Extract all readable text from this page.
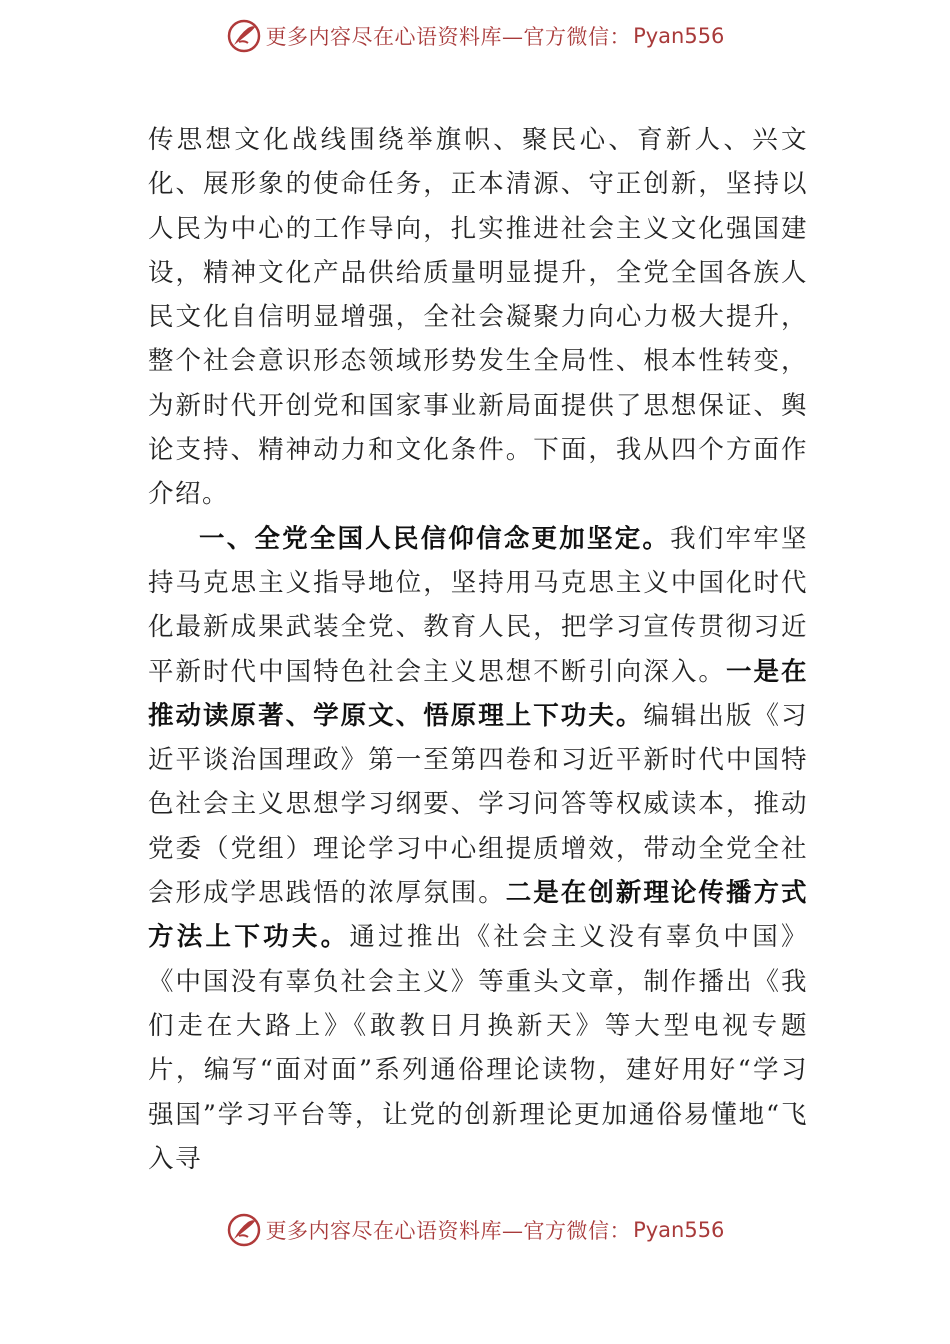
更多内容尽在心语资料库—官方微信： Pyan556

传思想文化战线围绕举旗帜、聚民心、育新人、兴文化、展形象的使命任务，正本清源、守正创新，坚持以人民为中心的工作导向，扎实推进社会主义文化强国建设，精神文化产品供给质量明显提升，全党全国各族人民文化自信明显增强，全社会凝聚力向心力极大提升，整个社会意识形态领域形势发生全局性、根本性转变，为新时代开创党和国家事业新局面提供了思想保证、舆论支持、精神动力和文化条件。下面，我从四个方面作介绍。

一、全党全国人民信仰信念更加坚定。我们牢牢坚持马克思主义指导地位，坚持用马克思主义中国化时代化最新成果武装全党、教育人民，把学习宣传贯彻习近平新时代中国特色社会主义思想不断引向深入。一是在推动读原著、学原文、悟原理上下功夫。编辑出版《习近平谈治国理政》第一至第四卷和习近平新时代中国特色社会主义思想学习纲要、学习问答等权威读本，推动党委（党组）理论学习中心组提质增效，带动全党全社会形成学思践悟的浓厚氛围。二是在创新理论传播方式方法上下功夫。通过推出《社会主义没有辜负中国》《中国没有辜负社会主义》等重头文章，制作播出《我们走在大路上》《敢教日月换新天》等大型电视专题片，编写“面对面”系列通俗理论读物，建好用好“学习强国”学习平台等，让党的创新理论更加通俗易懂地“飞入寻

更多内容尽在心语资料库—官方微信： Pyan556
